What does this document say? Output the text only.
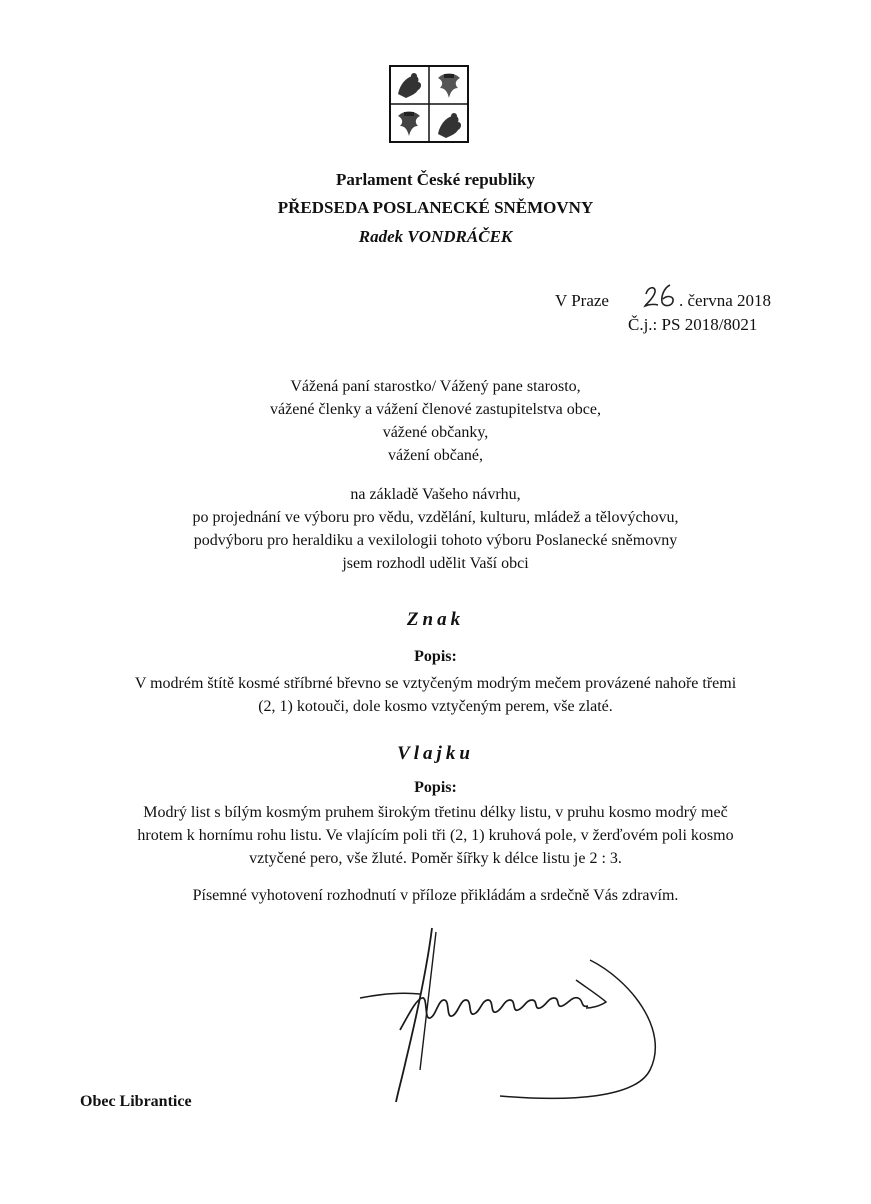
Parlament České republiky
PŘEDSEDA POSLANECKÉ SNĚMOVNY
Radek VONDRÁČEK
V Praze	. června 2018
Č.j.: PS 2018/8021
Vážená paní starostko/ Vážený pane starosto,
vážené členky a vážení členové zastupitelstva obce,
vážené občanky,
vážení občané,
na základě Vašeho návrhu,
po projednání ve výboru pro vědu, vzdělání, kulturu, mládež a tělovýchovu,
podvýboru pro heraldiku a vexilologii tohoto výboru Poslanecké sněmovny
jsem rozhodl udělit Vaší obci
Znak
Popis:
V modrém štítě kosmé stříbrné břevno se vztyčeným modrým mečem provázené nahoře třemi
(2, 1) kotouči, dole kosmo vztyčeným perem, vše zlaté.
Vlajku
Popis:
Modrý list s bílým kosmým pruhem širokým třetinu délky listu, v pruhu kosmo modrý meč
hrotem k hornímu rohu listu. Ve vlajícím poli tři (2, 1) kruhová pole, v žerďovém poli kosmo
vztyčené pero, vše žluté. Poměr šířky k délce listu je 2 : 3.
Písemné vyhotovení rozhodnutí v příloze přikládám a srdečně Vás zdravím.
Obec Librantice
